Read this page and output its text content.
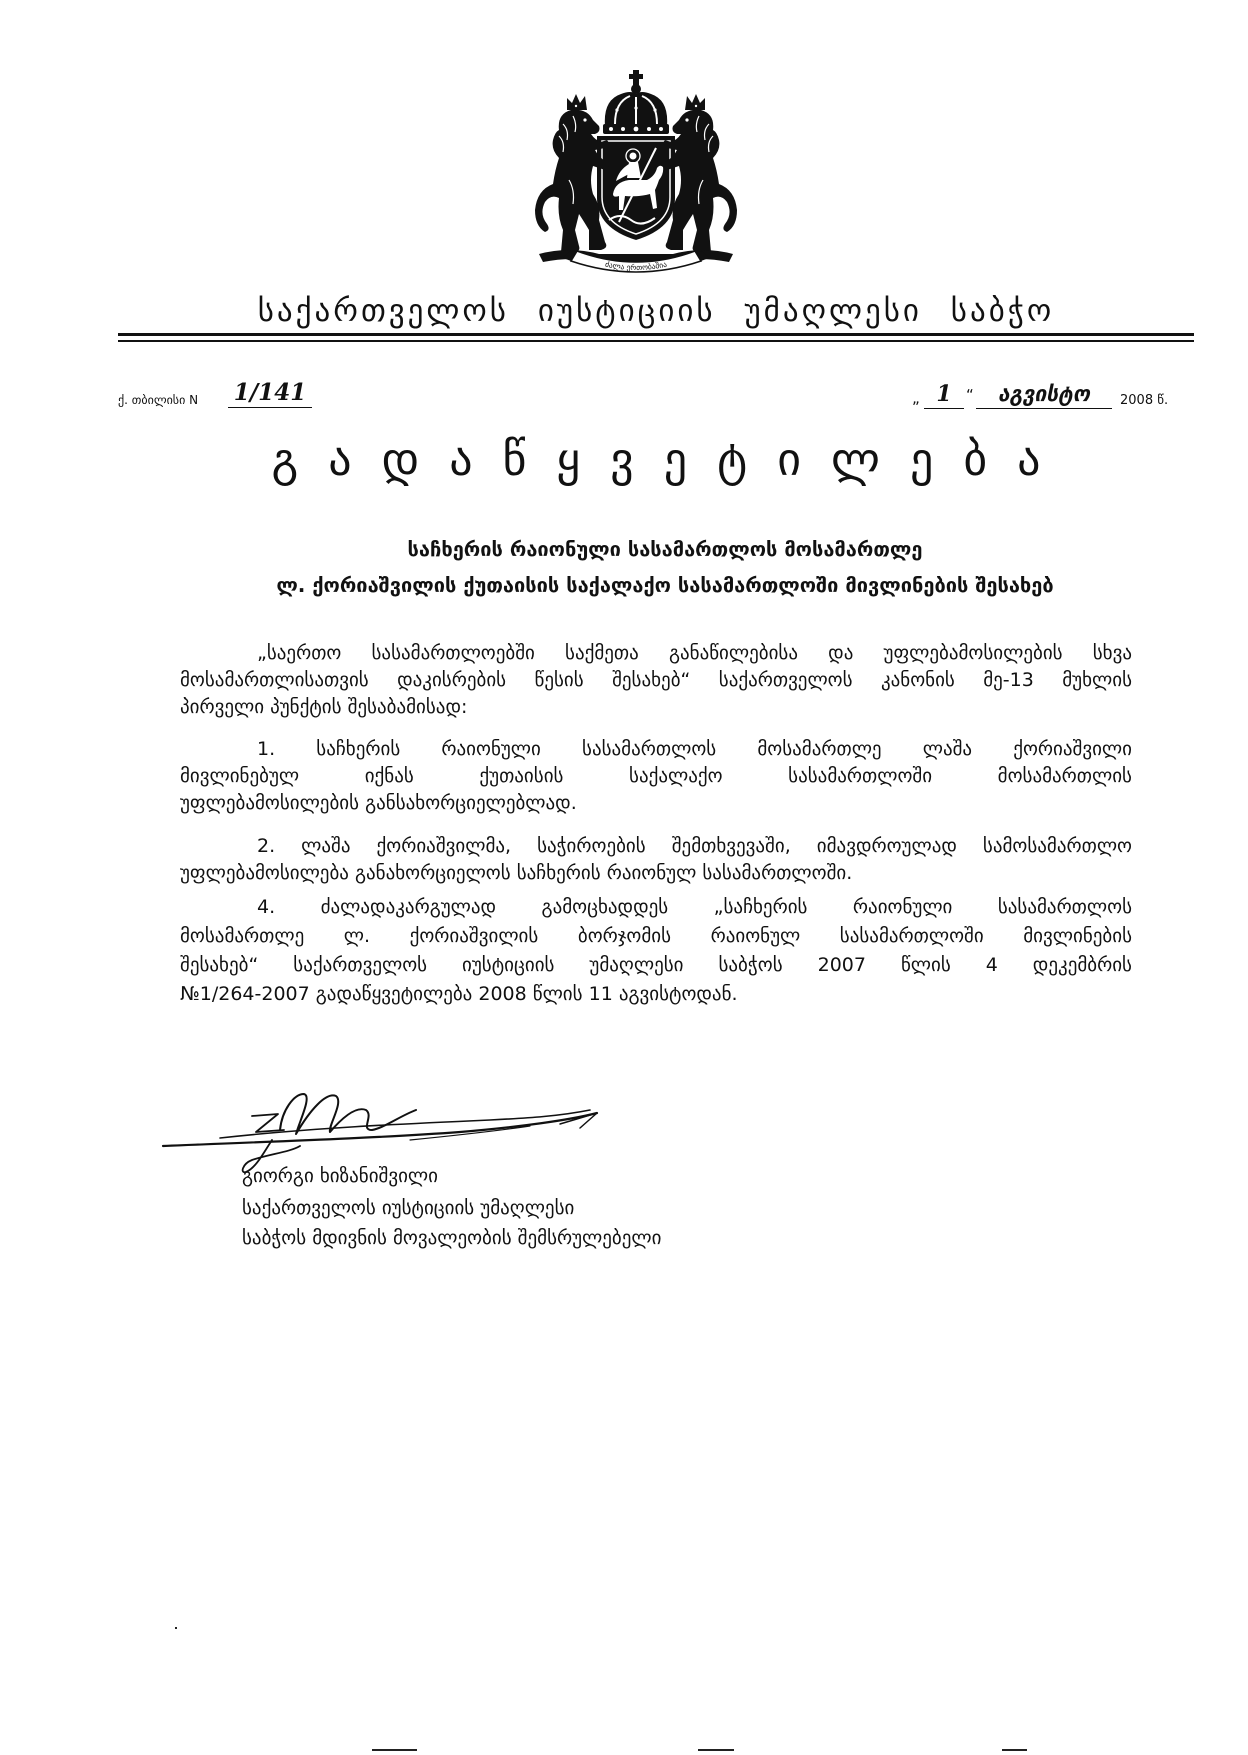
ძალა ერთობაშია
საქართველოს იუსტიციის უმაღლესი საბჭო
ქ. თბილისი N 1/141	„ 1 “	აგვისტო	2008 წ.
გადაწყვეტილება
საჩხერის რაიონული სასამართლოს მოსამართლე
ლ. ქორიაშვილის ქუთაისის საქალაქო სასამართლოში მივლინების შესახებ
„საერთო სასამართლოებში საქმეთა განაწილებისა და უფლებამოსილების სხვა
მოსამართლისათვის დაკისრების წესის შესახებ“ საქართველოს კანონის მე-13 მუხლის
პირველი პუნქტის შესაბამისად:
1. საჩხერის რაიონული სასამართლოს მოსამართლე ლაშა ქორიაშვილი
მივლინებულ იქნას ქუთაისის საქალაქო სასამართლოში მოსამართლის
უფლებამოსილების განსახორციელებლად.
2. ლაშა ქორიაშვილმა, საჭიროების შემთხვევაში, იმავდროულად სამოსამართლო
უფლებამოსილება განახორციელოს საჩხერის რაიონულ სასამართლოში.
4. ძალადაკარგულად გამოცხადდეს „საჩხერის რაიონული სასამართლოს
მოსამართლე ლ. ქორიაშვილის ბორჯომის რაიონულ სასამართლოში მივლინების
შესახებ“ საქართველოს იუსტიციის უმაღლესი საბჭოს 2007 წლის 4 დეკემბრის
№1/264-2007 გადაწყვეტილება 2008 წლის 11 აგვისტოდან.
გიორგი ხიზანიშვილი
საქართველოს იუსტიციის უმაღლესი
საბჭოს მდივნის მოვალეობის შემსრულებელი
